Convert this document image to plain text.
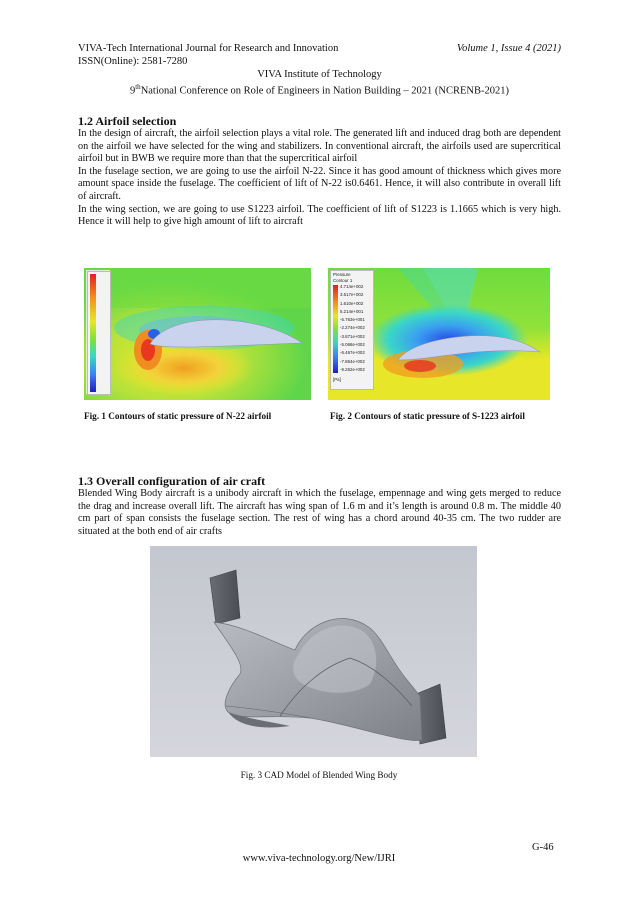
VIVA-Tech International Journal for Research and Innovation	Volume 1, Issue 4 (2021)
ISSN(Online): 2581-7280
VIVA Institute of Technology
9thNational Conference on Role of Engineers in Nation Building – 2021 (NCRENB-2021)
1.2 Airfoil selection

In the design of aircraft, the airfoil selection plays a vital role. The generated lift and induced drag both are dependent on the airfoil we have selected for the wing and stabilizers. In conventional aircraft, the airfoils used are supercritical airfoil but in BWB we require more than that the supercritical airfoil

In the fuselage section, we are going to use the airfoil N-22. Since it has good amount of thickness which gives more amount space inside the fuselage. The coefficient of lift of N-22 is0.6461. Hence, it will also contribute in overall lift of aircraft.

In the wing section, we are going to use S1223 airfoil. The coefficient of lift of S1223 is 1.1665 which is very high. Hence it will help to give high amount of lift to aircraft

Fig. 1 Contours of static pressure of N-22 airfoil
Pressure
Contour 1
4.714e+002
3.517e+002
1.610e+002
5.214e+001
-6.763e+001
-2.274e+002
-3.871e+002
-5.068e+002
-6.467e+002
-7.864e+002
-9.262e+002
[Pa]
Fig. 2 Contours of static pressure of S-1223 airfoil
1.3 Overall configuration of air craft

Blended Wing Body aircraft is a unibody aircraft in which the fuselage, empennage and wing gets merged to reduce the drag and increase overall lift. The aircraft has wing span of 1.6 m and it’s length is around 0.8 m. The middle 40 cm part of span consists the fuselage section. The rest of wing has a chord around 40-35 cm. The two rudder are situated at the both end of air crafts

Fig. 3 CAD Model of Blended Wing Body
G-46
www.viva-technology.org/New/IJRI
